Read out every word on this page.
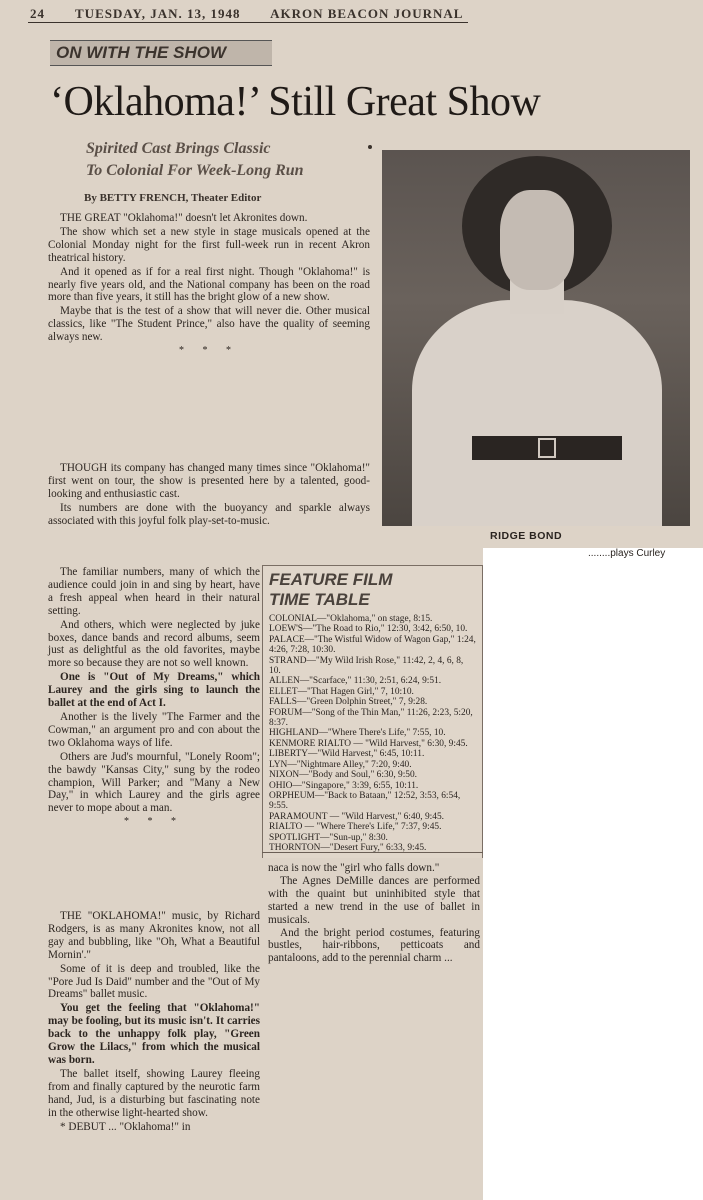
24 TUESDAY, JAN. 13, 1948 AKRON BEACON JOURNAL
ON WITH THE SHOW
‘Oklahoma!’ Still Great Show
Spirited Cast Brings Classic
To Colonial For Week-Long Run
By BETTY FRENCH, Theater Editor

THE GREAT "Oklahoma!" doesn't let Akronites down.

The show which set a new style in stage musicals opened at the Colonial Monday night for the first full-week run in recent Akron theatrical history.

And it opened as if for a real first night. Though "Oklahoma!" is nearly five years old, and the National company has been on the road more than five years, it still has the bright glow of a new show.

Maybe that is the test of a show that will never die. Other musical classics, like "The Student Prince," also have the quality of seeming always new.

* * *

THOUGH its company has changed many times since "Oklahoma!" first went on tour, the show is presented here by a talented, good-looking and enthusiastic cast.

Its numbers are done with the buoyancy and sparkle always associated with this joyful folk play-set-to-music.

The familiar numbers, many of which the audience could join in and sing by heart, have a fresh appeal when heard in their natural setting.

And others, which were neglected by juke boxes, dance bands and record albums, seem just as delightful as the old favorites, maybe more so because they are not so well known.

One is "Out of My Dreams," which Laurey and the girls sing to launch the ballet at the end of Act I.

Another is the lively "The Farmer and the Cowman," an argument pro and con about the two Oklahoma ways of life.

Others are Jud's mournful, "Lonely Room"; the bawdy "Kansas City," sung by the rodeo champion, Will Parker; and "Many a New Day," in which Laurey and the girls agree never to mope about a man.

* * *

THE "OKLAHOMA!" music, by Richard Rodgers, is as many Akronites know, not all gay and bubbling, like "Oh, What a Beautiful Mornin'."

Some of it is deep and troubled, like the "Pore Jud Is Daid" number and the "Out of My Dreams" ballet music.

You get the feeling that "Oklahoma!" may be fooling, but its music isn't. It carries back to the unhappy folk play, "Green Grow the Lilacs," from which the musical was born.

The ballet itself, showing Laurey fleeing from and finally captured by the neurotic farm hand, Jud, is a disturbing but fascinating note in the otherwise light-hearted show.

* DEBUT ... "Oklahoma!" in

RIDGE BOND
........plays Curley
FEATURE FILM
TIME TABLE
COLONIAL—"Oklahoma," on stage, 8:15.
LOEW'S—"The Road to Rio," 12:30, 3:42, 6:50, 10.
PALACE—"The Wistful Widow of Wagon Gap," 1:24, 4:26, 7:28, 10:30.
STRAND—"My Wild Irish Rose," 11:42, 2, 4, 6, 8, 10.
ALLEN—"Scarface," 11:30, 2:51, 6:24, 9:51.
ELLET—"That Hagen Girl," 7, 10:10.
FALLS—"Green Dolphin Street," 7, 9:28.
FORUM—"Song of the Thin Man," 11:26, 2:23, 5:20, 8:37.
HIGHLAND—"Where There's Life," 7:55, 10.
KENMORE RIALTO — "Wild Harvest," 6:30, 9:45.
LIBERTY—"Wild Harvest," 6:45, 10:11.
LYN—"Nightmare Alley," 7:20, 9:40.
NIXON—"Body and Soul," 6:30, 9:50.
OHIO—"Singapore," 3:39, 6:55, 10:11.
ORPHEUM—"Back to Bataan," 12:52, 3:53, 6:54, 9:55.
PARAMOUNT — "Wild Harvest," 6:40, 9:45.
RIALTO — "Where There's Life," 7:37, 9:45.
SPOTLIGHT—"Sun-up," 8:30.
THORNTON—"Desert Fury," 6:33, 9:45.

naca is now the "girl who falls down."

The Agnes DeMille dances are performed with the quaint but uninhibited style that started a new trend in the use of ballet in musicals.

And the bright period costumes, featuring bustles, hair-ribbons, petticoats and pantaloons, add to the perennial charm ...
